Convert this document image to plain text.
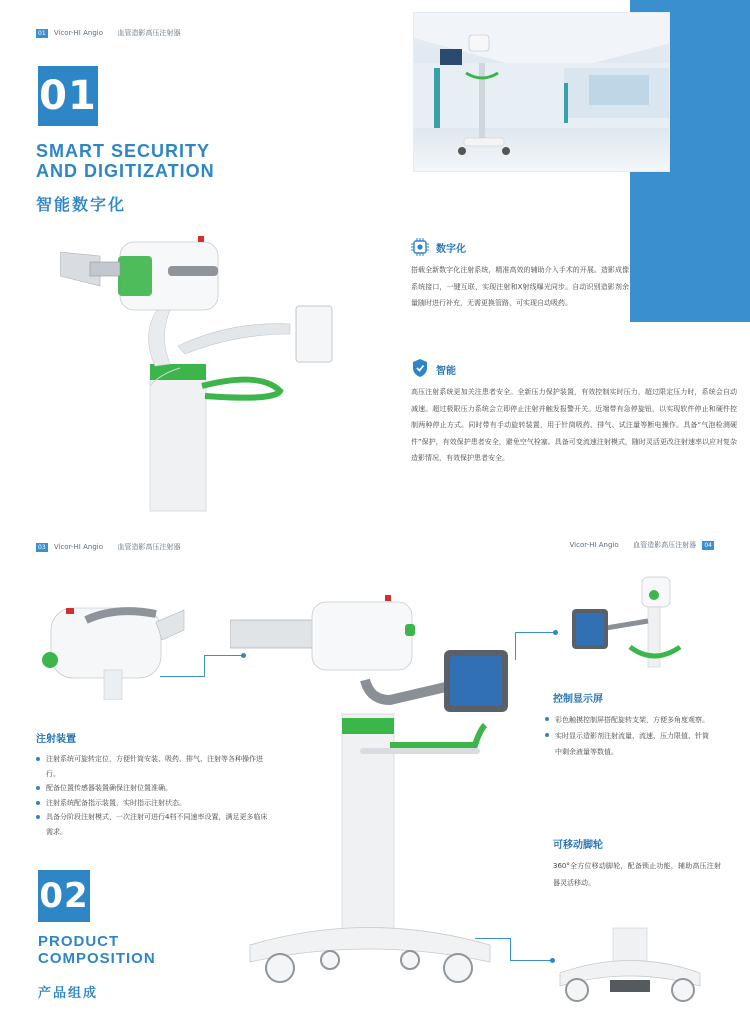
01 Vicor-HI Angio 血管造影高压注射器
01
SMART SECURITY
AND DIGITIZATION
智能数字化
数字化
搭载全新数字化注射系统，精准高效的辅助介入手术的开展。造影成像系统接口，一键互联，实现注射和X射线曝光同步。自动识别造影剂余量随时进行补充，无需更换管路，可实现自动吸药。
智能
高压注射系统更加关注患者安全。全新压力保护装置，有效控制实时压力，超过限定压力时，系统会自动减速。超过极限压力系统会立即停止注射并触发报警开关。近端带有急停旋钮，以实现软件停止和硬件控制两种停止方式。同时带有手动旋转装置，用于针筒吸药、排气、试注量等断电操作。具备“气泡检测硬件”保护，有效保护患者安全，避免空气栓塞。具备可变流速注射模式，随时灵活更改注射速率以应对复杂造影情况，有效保护患者安全。
03 Vicor-HI Angio 血管造影高压注射器	Vicor-HI Angio 血管造影高压注射器 04
注射装置
注射系统可旋转定位，方便针筒安装、吸药、排气、注射等各种操作进行。
配备位置传感器装置确保注射位置准确。
注射系统配备指示装置，实时指示注射状态。
具备分阶段注射模式，一次注射可进行4档不同速率设置，满足更多临床需求。
02
PRODUCT
COMPOSITION
产品组成
控制显示屏
彩色触摸控制屏搭配旋转支架，方便多角度观察。
实时显示造影剂注射流量、流速、压力限值、针筒中剩余液量等数值。
可移动脚轮
360°全方位移动脚轮，配备锁止功能，辅助高压注射器灵活移动。
